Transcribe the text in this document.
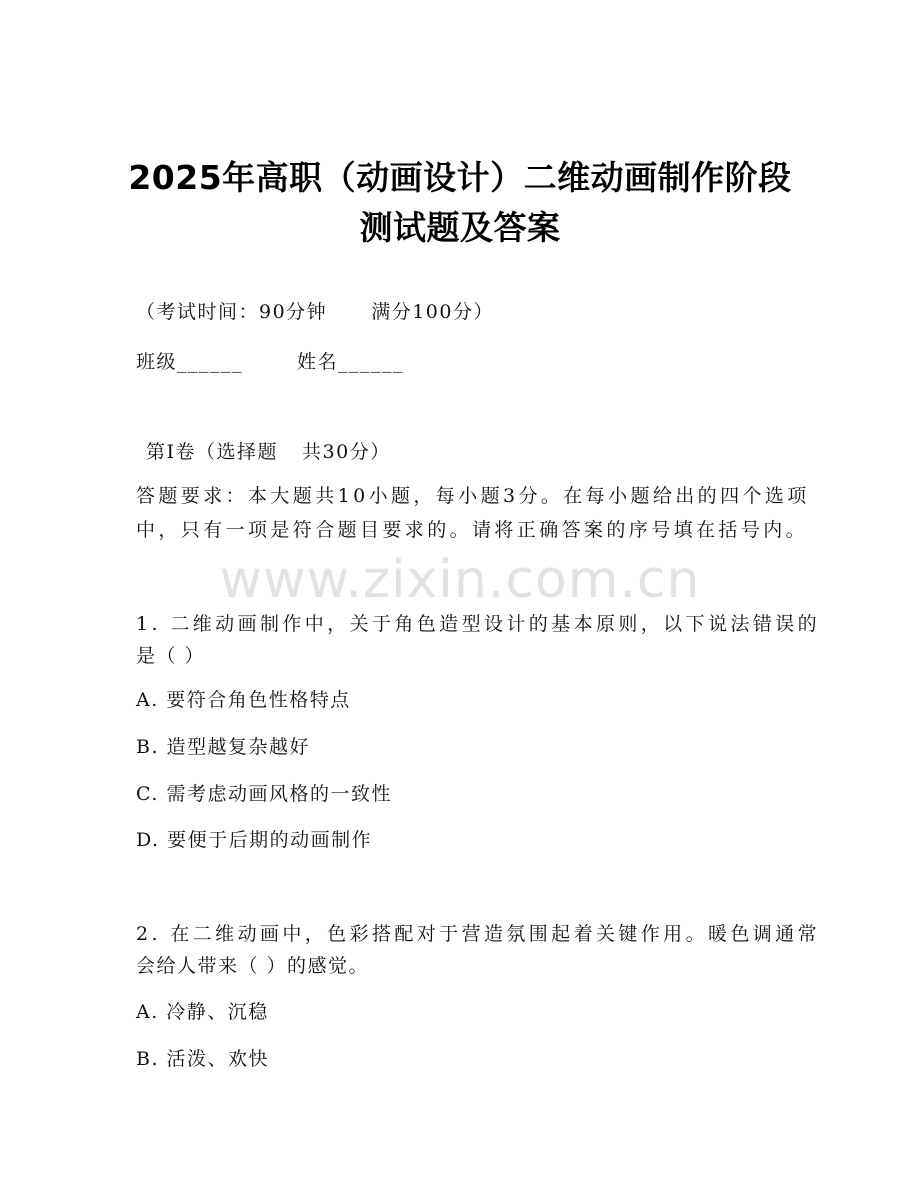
2025年高职（动画设计）二维动画制作阶段
测试题及答案
（考试时间：90分钟 满分100分）
班级______	姓名______
第Ⅰ卷（选择题 共30分）
答题要求：本大题共10小题，每小题3分。在每小题给出的四个选项
中，只有一项是符合题目要求的。请将正确答案的序号填在括号内。
www.zixin.com.cn
1. 二维动画制作中，关于角色造型设计的基本原则，以下说法错误的
是（ ）
A. 要符合角色性格特点
B. 造型越复杂越好
C. 需考虑动画风格的一致性
D. 要便于后期的动画制作
2. 在二维动画中，色彩搭配对于营造氛围起着关键作用。暖色调通常
会给人带来（ ）的感觉。
A. 冷静、沉稳
B. 活泼、欢快
